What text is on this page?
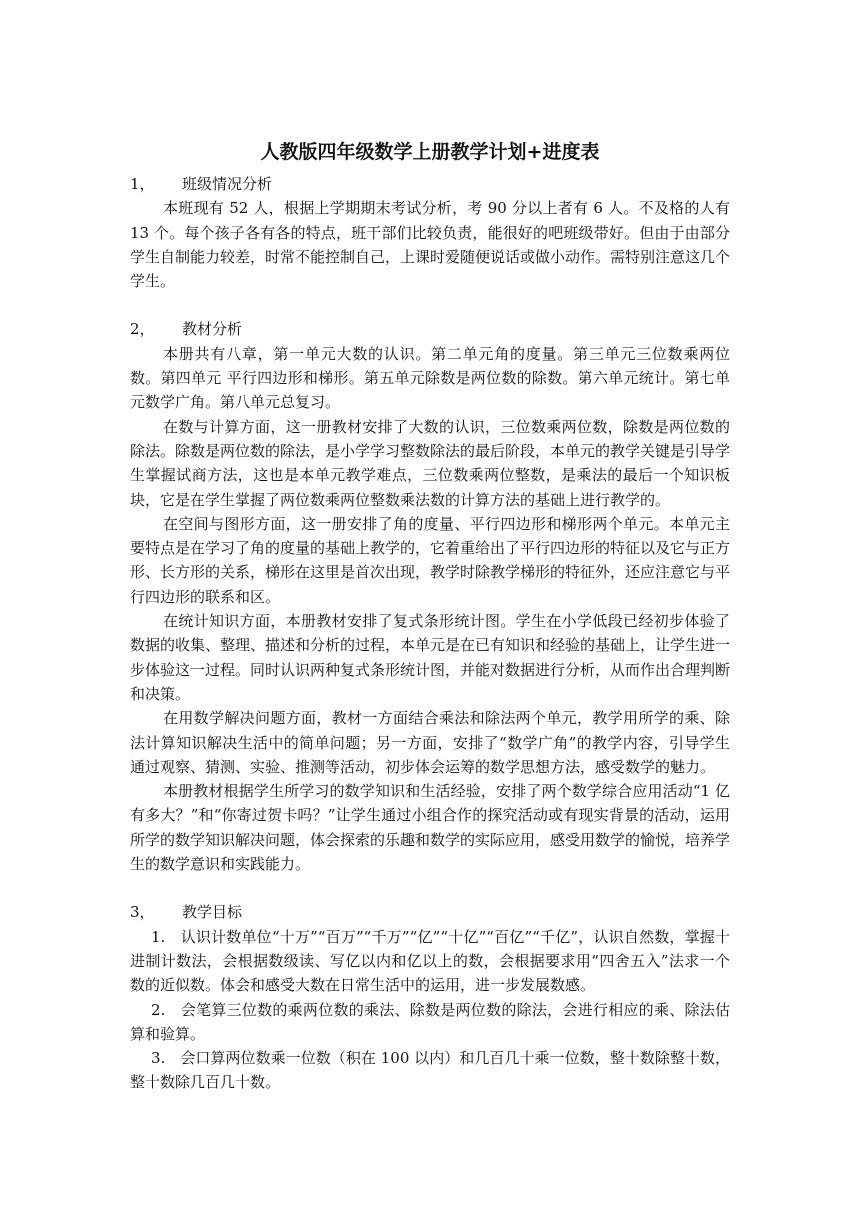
人教版四年级数学上册教学计划+进度表

1，	班级情况分析

本班现有 52 人，根据上学期期末考试分析，考 90 分以上者有 6 人。不及格的人有 13 个。每个孩子各有各的特点，班干部们比较负责，能很好的吧班级带好。但由于由部分学生自制能力较差，时常不能控制自己，上课时爱随便说话或做小动作。需特别注意这几个学生。

2，	教材分析

本册共有八章，第一单元大数的认识。第二单元角的度量。第三单元三位数乘两位数。第四单元 平行四边形和梯形。第五单元除数是两位数的除数。第六单元统计。第七单元数学广角。第八单元总复习。

在数与计算方面，这一册教材安排了大数的认识，三位数乘两位数，除数是两位数的除法。除数是两位数的除法，是小学学习整数除法的最后阶段，本单元的教学关键是引导学生掌握试商方法，这也是本单元教学难点，三位数乘两位整数，是乘法的最后一个知识板块，它是在学生掌握了两位数乘两位整数乘法数的计算方法的基础上进行教学的。

在空间与图形方面，这一册安排了角的度量、平行四边形和梯形两个单元。本单元主要特点是在学习了角的度量的基础上教学的，它着重给出了平行四边形的特征以及它与正方形、长方形的关系，梯形在这里是首次出现，教学时除教学梯形的特征外，还应注意它与平行四边形的联系和区。

在统计知识方面，本册教材安排了复式条形统计图。学生在小学低段已经初步体验了数据的收集、整理、描述和分析的过程，本单元是在已有知识和经验的基础上，让学生进一步体验这一过程。同时认识两种复式条形统计图，并能对数据进行分析，从而作出合理判断和决策。

在用数学解决问题方面，教材一方面结合乘法和除法两个单元，教学用所学的乘、除法计算知识解决生活中的简单问题；另一方面，安排了“数学广角”的教学内容，引导学生通过观察、猜测、实验、推测等活动，初步体会运筹的数学思想方法，感受数学的魅力。

本册教材根据学生所学习的数学知识和生活经验，安排了两个数学综合应用活动“1 亿有多大？”和“你寄过贺卡吗？”让学生通过小组合作的探究活动或有现实背景的活动，运用所学的数学知识解决问题，体会探索的乐趣和数学的实际应用，感受用数学的愉悦，培养学生的数学意识和实践能力。

3，	教学目标

1.　认识计数单位“十万”“百万”“千万”“亿”“十亿”“百亿”“千亿”，认识自然数，掌握十进制计数法，会根据数级读、写亿以内和亿以上的数，会根据要求用“四舍五入”法求一个数的近似数。体会和感受大数在日常生活中的运用，进一步发展数感。

2.　会笔算三位数的乘两位数的乘法、除数是两位数的除法，会进行相应的乘、除法估算和验算。

3.　会口算两位数乘一位数（积在 100 以内）和几百几十乘一位数，整十数除整十数，整十数除几百几十数。
